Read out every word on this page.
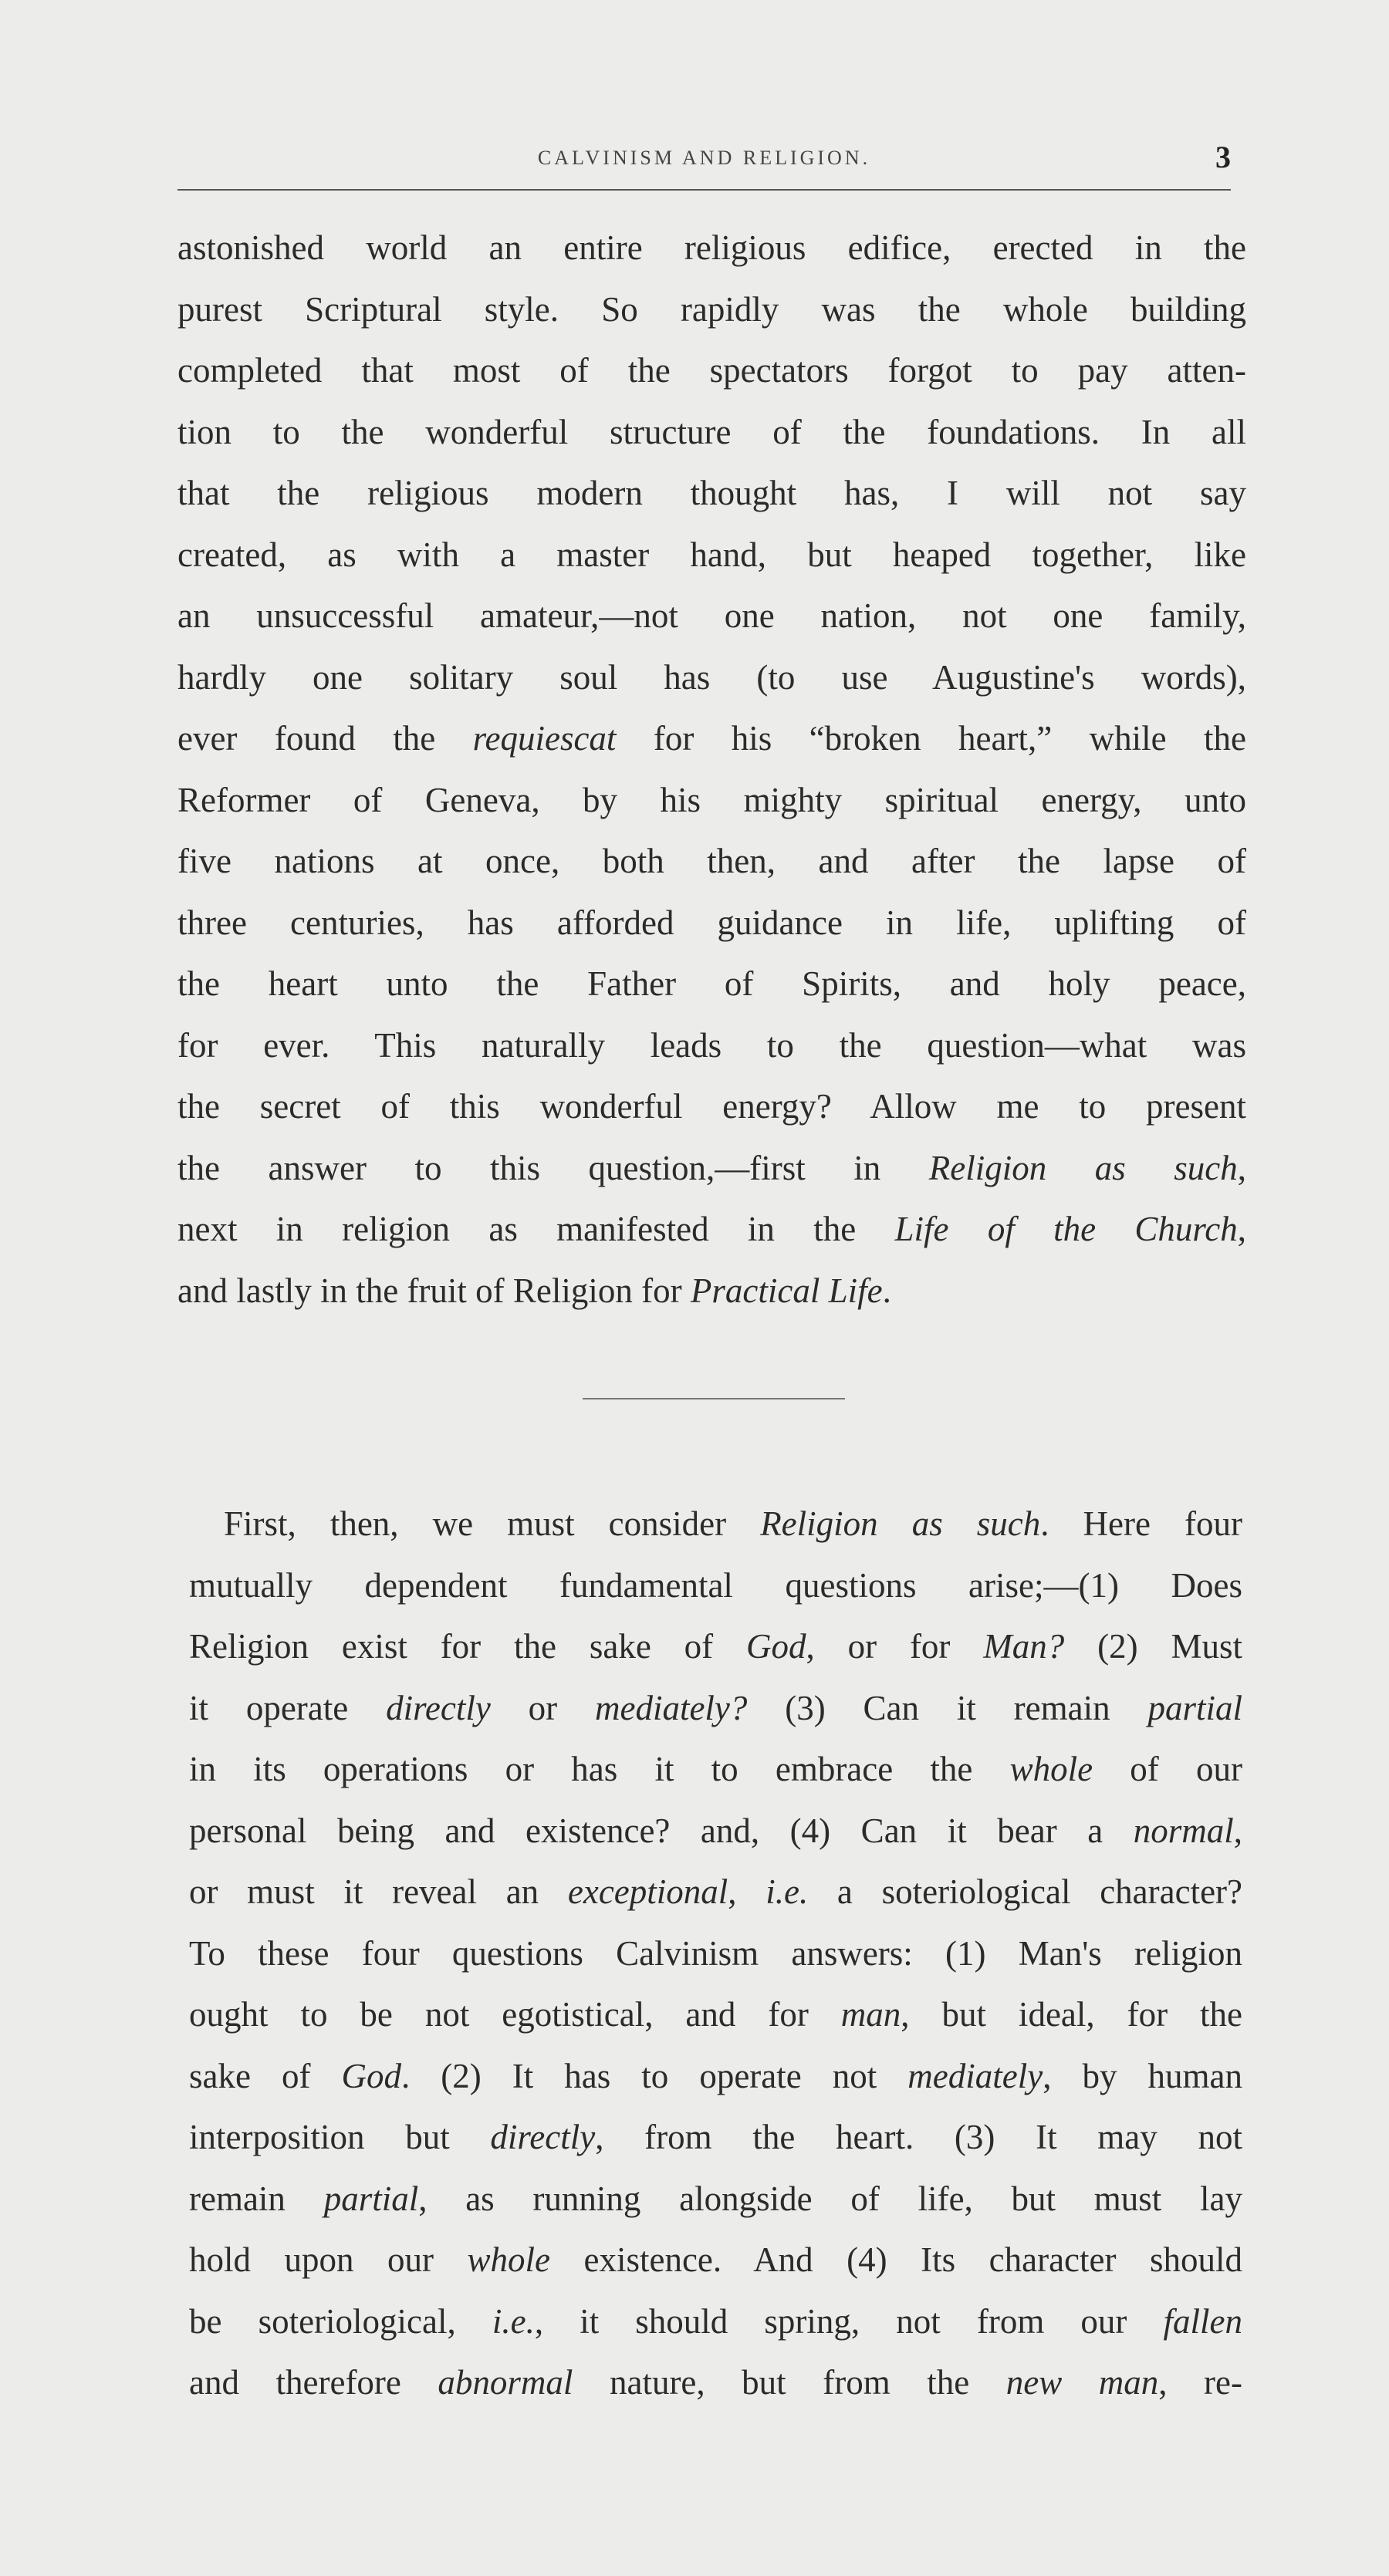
CALVINISM AND RELIGION.	3
astonished world an entire religious edifice, erected in the
purest Scriptural style. So rapidly was the whole building
completed that most of the spectators forgot to pay atten-
tion to the wonderful structure of the foundations. In all
that the religious modern thought has, I will not say
created, as with a master hand, but heaped together, like
an unsuccessful amateur,—not one nation, not one family,
hardly one solitary soul has (to use Augustine's words),
ever found the requiescat for his “broken heart,” while the
Reformer of Geneva, by his mighty spiritual energy, unto
five nations at once, both then, and after the lapse of
three centuries, has afforded guidance in life, uplifting of
the heart unto the Father of Spirits, and holy peace,
for ever. This naturally leads to the question—what was
the secret of this wonderful energy? Allow me to present
the answer to this question,—first in Religion as such,
next in religion as manifested in the Life of the Church,
and lastly in the fruit of Religion for Practical Life.
First, then, we must consider Religion as such. Here four
mutually dependent fundamental questions arise;—(1) Does
Religion exist for the sake of God, or for Man? (2) Must
it operate directly or mediately? (3) Can it remain partial
in its operations or has it to embrace the whole of our
personal being and existence? and, (4) Can it bear a normal,
or must it reveal an exceptional, i.e. a soteriological character?
To these four questions Calvinism answers: (1) Man's religion
ought to be not egotistical, and for man, but ideal, for the
sake of God. (2) It has to operate not mediately, by human
interposition but directly, from the heart. (3) It may not
remain partial, as running alongside of life, but must lay
hold upon our whole existence. And (4) Its character should
be soteriological, i.e., it should spring, not from our fallen
and therefore abnormal nature, but from the new man, re-
